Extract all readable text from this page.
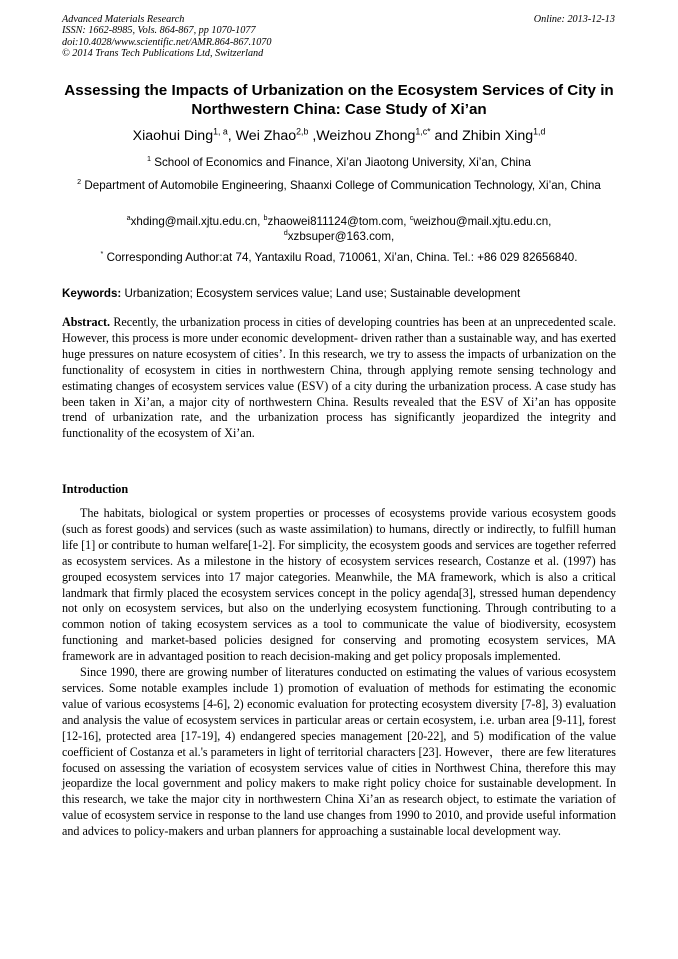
Advanced Materials Research
ISSN: 1662-8985, Vols. 864-867, pp 1070-1077
doi:10.4028/www.scientific.net/AMR.864-867.1070
© 2014 Trans Tech Publications Ltd, Switzerland
Online: 2013-12-13
Assessing the Impacts of Urbanization on the Ecosystem Services of City in Northwestern China: Case Study of Xi’an
Xiaohui Ding$^{1, a}$, Wei Zhao$^{2,b}$ ,Weizhou Zhong$^{1,c*}$ and Zhibin Xing$^{1,d}$
$^1$ School of Economics and Finance, Xi’an Jiaotong University, Xi’an, China
$^2$ Department of Automobile Engineering, Shaanxi College of Communication Technology, Xi’an, China
$^a$xhding@mail.xjtu.edu.cn, $^b$zhaowei811124@tom.com, $^c$weizhou@mail.xjtu.edu.cn,
$^d$xzbsuper@163.com,
* Corresponding Author:at 74, Yantaxilu Road, 710061, Xi’an, China. Tel.: +86 029 82656840.
Keywords: Urbanization; Ecosystem services value; Land use; Sustainable development

Abstract. Recently, the urbanization process in cities of developing countries has been at an unprecedented scale. However, this process is more under economic development- driven rather than a sustainable way, and has exerted huge pressures on nature ecosystem of cities’. In this research, we try to assess the impacts of urbanization on the functionality of ecosystem in cities in northwestern China, through applying remote sensing technology and estimating changes of ecosystem services value (ESV) of a city during the urbanization process. A case study has been taken in Xi’an, a major city of northwestern China. Results revealed that the ESV of Xi’an has opposite trend of urbanization rate, and the urbanization process has significantly jeopardized the integrity and functionality of the ecosystem of Xi’an.

Introduction

The habitats, biological or system properties or processes of ecosystems provide various ecosystem goods (such as forest goods) and services (such as waste assimilation) to humans, directly or indirectly, to fulfill human life [1] or contribute to human welfare[1-2]. For simplicity, the ecosystem goods and services are together referred as ecosystem services. As a milestone in the history of ecosystem services research, Costanze et al. (1997) has grouped ecosystem services into 17 major categories. Meanwhile, the MA framework, which is also a critical landmark that firmly placed the ecosystem services concept in the policy agenda[3], stressed human dependency not only on ecosystem services, but also on the underlying ecosystem functioning. Through contributing to a common notion of taking ecosystem services as a tool to communicate the value of biodiversity, ecosystem functioning and market-based policies designed for conserving and promoting ecosystem services, MA framework are in advantaged position to reach decision-making and get policy proposals implemented.

Since 1990, there are growing number of literatures conducted on estimating the values of various ecosystem services. Some notable examples include 1) promotion of evaluation of methods for estimating the economic value of various ecosystems [4-6], 2) economic evaluation for protecting ecosystem diversity [7-8], 3) evaluation and analysis the value of ecosystem services in particular areas or certain ecosystem, i.e. urban area [9-11], forest [12-16], protected area [17-19], 4) endangered species management [20-22], and 5) modification of the value coefficient of Costanza et al.'s parameters in light of territorial characters [23]. However，there are few literatures focused on assessing the variation of ecosystem services value of cities in Northwest China, therefore this may jeopardize the local government and policy makers to make right policy choice for sustainable development. In this research, we take the major city in northwestern China Xi’an as research object, to estimate the variation of value of ecosystem service in response to the land use changes from 1990 to 2010, and provide useful information and advices to policy-makers and urban planners for approaching a sustainable local development way.
